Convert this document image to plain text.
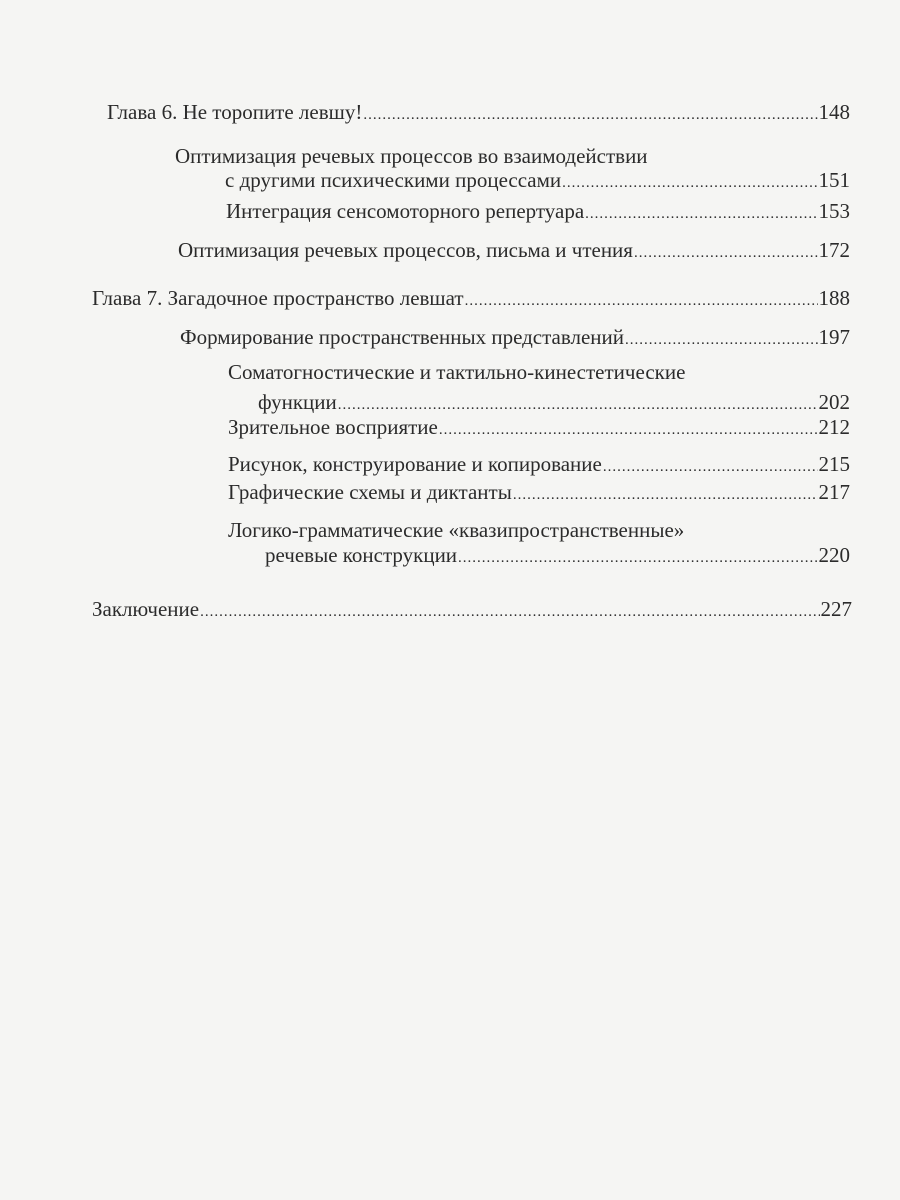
Глава 6. Не торопите левшу! .....	148
Оптимизация речевых процессов во взаимодействии
с другими психическими процессами .....	151
Интеграция сенсомоторного репертуара .....	153
Оптимизация речевых процессов, письма и чтения .....	172
Глава 7. Загадочное пространство левшат .....	188
Формирование пространственных представлений .....	197
Соматогностические и тактильно-кинестетические
функции .....	202
Зрительное восприятие .....	212
Рисунок, конструирование и копирование .....	215
Графические схемы и диктанты .....	217
Логико-грамматические «квазипространственные»
речевые конструкции .....	220
Заключение .....	227
